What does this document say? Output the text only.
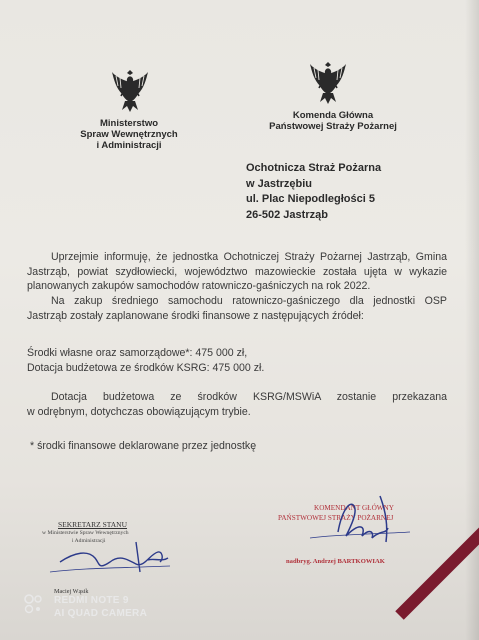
Ministerstwo
Spraw Wewnętrznych
i Administracji
Komenda Główna
Państwowej Straży Pożarnej
Ochotnicza Straż Pożarna
w Jastrzębiu
ul. Plac Niepodległości 5
26-502 Jastrząb
Uprzejmie informuję, że jednostka Ochotniczej Straży Pożarnej Jastrząb, Gmina
Jastrząb, powiat szydłowiecki, województwo mazowieckie została ujęta w wykazie
planowanych zakupów samochodów ratowniczo-gaśniczych na rok 2022.
Na zakup średniego samochodu ratowniczo-gaśniczego dla jednostki OSP
Jastrząb zostały zaplanowane środki finansowe z następujących źródeł:
Środki własne oraz samorządowe*: 475 000 zł,
Dotacja budżetowa ze środków KSRG: 475 000 zł.
Dotacja budżetowa ze środków KSRG/MSWiA zostanie przekazana
w odrębnym, dotychczas obowiązującym trybie.
* środki finansowe deklarowane przez jednostkę
SEKRETARZ STANU
w Ministerstwie Spraw Wewnętrznych
i Administracji
Maciej Wąsik
KOMENDANT GŁÓWNY
PAŃSTWOWEJ STRAŻY POŻARNEJ
nadbryg. Andrzej BARTKOWIAK
REDMI NOTE 9
AI QUAD CAMERA
